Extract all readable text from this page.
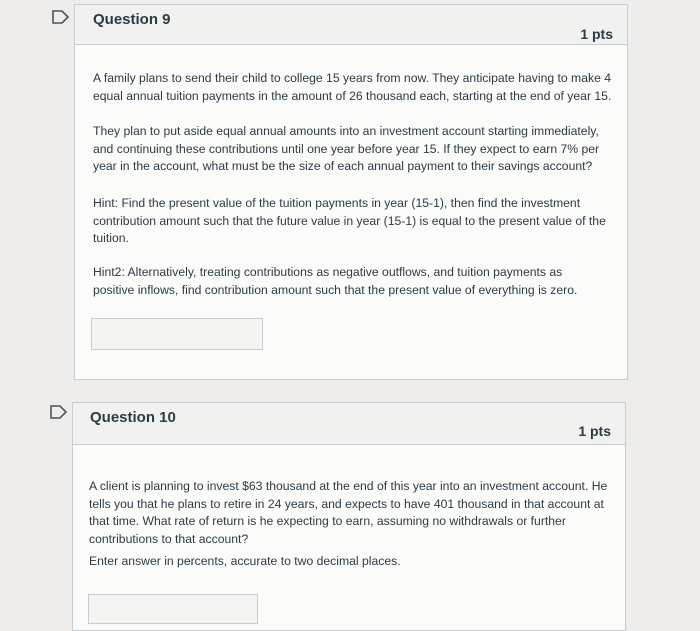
Question 9
1 pts
A family plans to send their child to college 15 years from now. They anticipate having to make 4 equal annual tuition payments in the amount of 26 thousand each, starting at the end of year 15.
They plan to put aside equal annual amounts into an investment account starting immediately, and continuing these contributions until one year before year 15. If they expect to earn 7% per year in the account, what must be the size of each annual payment to their savings account?
Hint: Find the present value of the tuition payments in year (15-1), then find the investment contribution amount such that the future value in year (15-1) is equal to the present value of the tuition.
Hint2: Alternatively, treating contributions as negative outflows, and tuition payments as positive inflows, find contribution amount such that the present value of everything is zero.
Question 10
1 pts
A client is planning to invest $63 thousand at the end of this year into an investment account. He tells you that he plans to retire in 24 years, and expects to have 401 thousand in that account at that time. What rate of return is he expecting to earn, assuming no withdrawals or further contributions to that account?
Enter answer in percents, accurate to two decimal places.
